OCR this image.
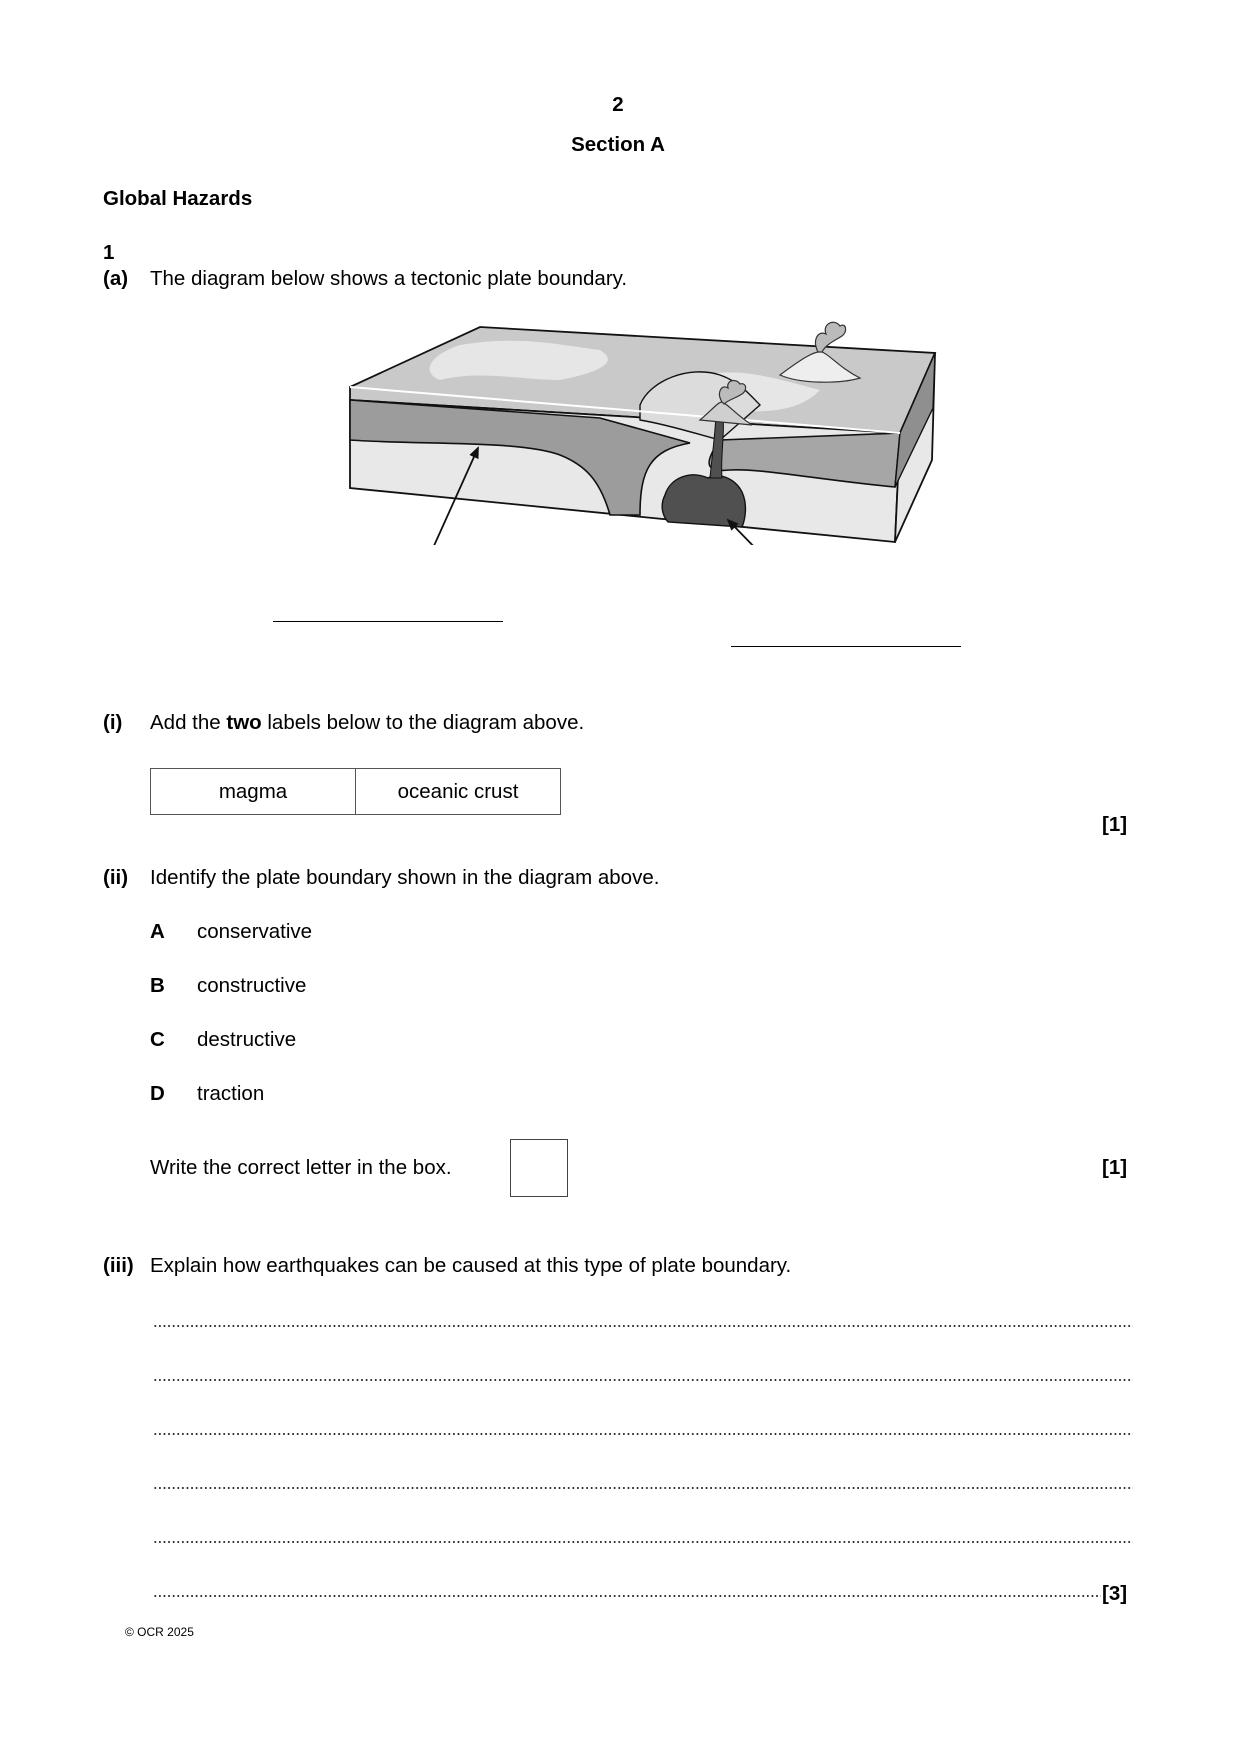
2
Section A
Global Hazards
1
(a) The diagram below shows a tectonic plate boundary.
(i) Add the two labels below to the diagram above.
magma	oceanic crust
[1]
(ii) Identify the plate boundary shown in the diagram above.
A conservative
B constructive
C destructive
D traction
Write the correct letter in the box.	[1]
(iii) Explain how earthquakes can be caused at this type of plate boundary.
[3]
© OCR 2025
